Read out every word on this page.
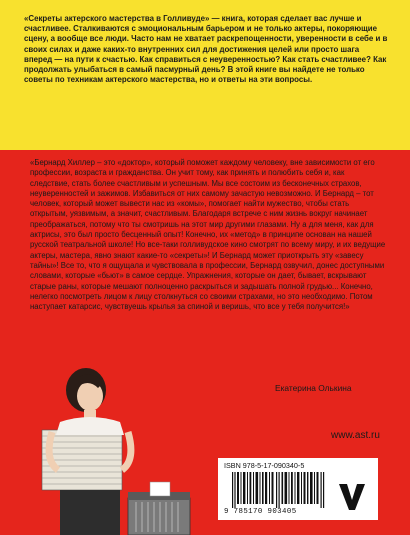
«Секреты актерского мастерства в Голливуде» — книга, которая сделает вас лучше и счастливее. Сталкиваются с эмоциональным барьером и не только актеры, покоряющие сцену, а вообще все люди. Часто нам не хватает раскрепощенности, уверенности в себе и в своих силах и даже каких-то внутренних сил для достижения целей или просто шага вперед — на пути к счастью. Как справиться с неуверенностью? Как стать счастливее? Как продолжать улыбаться в самый пасмурный день? В этой книге вы найдете не только советы по техникам актерского мастерства, но и ответы на эти вопросы.
«Бернард Хиллер – это «доктор», который поможет каждому человеку, вне зависимости от его профессии, возраста и гражданства. Он учит тому, как принять и полюбить себя и, как следствие, стать более счастливым и успешным. Мы все состоим из бесконечных страхов, неуверенностей и зажимов. Избавиться от них самому зачастую невозможно. И Бернард – тот человек, который может вывести нас из «комы», помогает найти мужество, чтобы стать открытым, уязвимым, а значит, счастливым. Благодаря встрече с ним жизнь вокруг начинает преображаться, потому что ты смотришь на этот мир другими глазами. Ну а для меня, как для актрисы, это был просто бесценный опыт! Конечно, их «метод» в принципе основан на нашей русской театральной школе! Но все-таки голливудское кино смотрят по всему миру, и их ведущие актеры, мастера, явно знают какие-то «секреты»! И Бернард может приоткрыть эту «завесу тайны»! Все то, что я ощущала и чувствовала в профессии, Бернард озвучил, донес доступными словами, которые «бьют» в самое сердце. Упражнения, которые он дает, бывает, вскрывают старые раны, которые мешают полноценно раскрыться и задышать полной грудью... Конечно, нелегко посмотреть лицом к лицу столкнуться со своими страхами, но это необходимо. Потом наступает катарсис, чувствуешь крылья за спиной и веришь, что все у тебя получится!»
Екатерина Олькина
www.ast.ru
ISBN 978-5-17-090340-5
9 785170 903405
